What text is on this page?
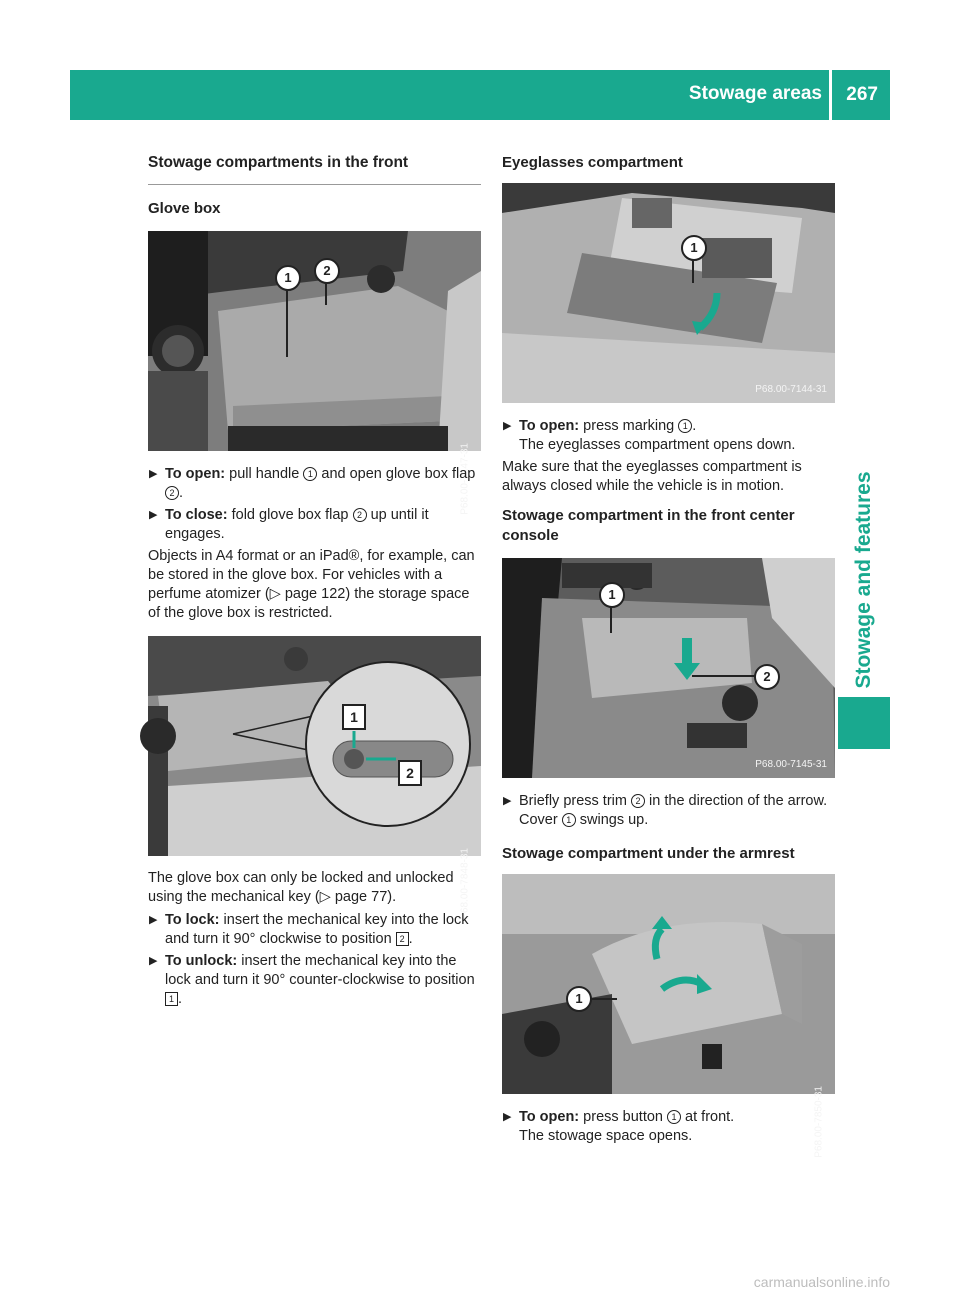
Stowage areas 267
Stowage and features
Stowage compartments in the front
Glove box
1	2
P68.00-7147-31
▶ To open: pull handle 1 and open glove box flap 2 .
▶ To close: fold glove box flap 2 up until it engages.

Objects in A4 format or an iPad®, for example, can be stored in the glove box. For vehicles with a perfume atomizer (▷ page 122) the storage space of the glove box is restricted.

1
2
P68.00-7848-31

The glove box can only be locked and unlocked using the mechanical key (▷ page 77).

▶ To lock: insert the mechanical key into the lock and turn it 90° clockwise to position 2 .
▶ To unlock: insert the mechanical key into the lock and turn it 90° counter-clockwise to position 1 .
Eyeglasses compartment
1
P68.00-7144-31
▶ To open: press marking 1 .
The eyeglasses compartment opens down.

Make sure that the eyeglasses compartment is always closed while the vehicle is in motion.

Stowage compartment in the front center console
1
2
P68.00-7145-31
▶ Briefly press trim 2 in the direction of the arrow.
Cover 1 swings up.
Stowage compartment under the armrest
1
P68.00-7850-31
▶ To open: press button 1 at front.
The stowage space opens.
carmanualsonline.info
